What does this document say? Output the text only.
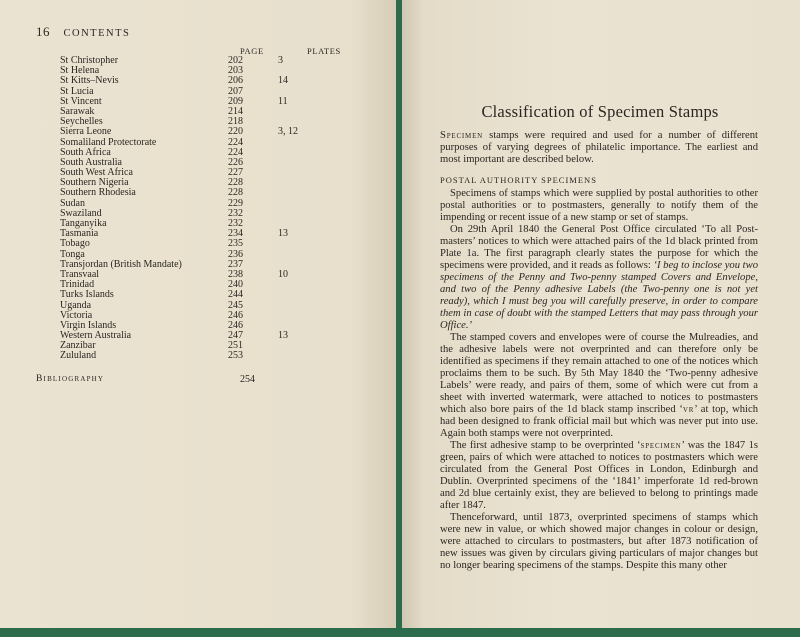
16 CONTENTS
PAGE	PLATES
St Christopher	202	3
St Helena	203
St Kitts–Nevis	206	14
St Lucia	207
St Vincent	209	11
Sarawak	214
Seychelles	218
Sierra Leone	220	3, 12
Somaliland Protectorate	224
South Africa	224
South Australia	226
South West Africa	227
Southern Nigeria	228
Southern Rhodesia	228
Sudan	229
Swaziland	232
Tanganyika	232
Tasmania	234	13
Tobago	235
Tonga	236
Transjordan (British Mandate)	237
Transvaal	238	10
Trinidad	240
Turks Islands	244
Uganda	245
Victoria	246
Virgin Islands	246
Western Australia	247	13
Zanzibar	251
Zululand	253
Bibliography	254
Classification of Specimen Stamps

Specimen stamps were required and used for a number of different purposes of varying degrees of philatelic importance. The earliest and most important are described below.

POSTAL AUTHORITY SPECIMENS

Specimens of stamps which were supplied by postal authorities to other postal authorities or to postmasters, generally to notify them of the impending or recent issue of a new stamp or set of stamps.

On 29th April 1840 the General Post Office circulated ‘To all Post-masters’ notices to which were attached pairs of the 1d black printed from Plate 1a. The first paragraph clearly states the purpose for which the specimens were provided, and it reads as follows: ‘I beg to inclose you two specimens of the Penny and Two-penny stamped Covers and Envelope, and two of the Penny adhesive Labels (the Two-penny one is not yet ready), which I must beg you will carefully preserve, in order to compare them in case of doubt with the stamped Letters that may pass through your Office.’

The stamped covers and envelopes were of course the Mulreadies, and the adhesive labels were not overprinted and can therefore only be identified as specimens if they remain attached to one of the notices which proclaims them to be such. By 5th May 1840 the ‘Two-penny adhesive Labels’ were ready, and pairs of them, some of which were cut from a sheet with inverted watermark, were attached to notices to postmasters which also bore pairs of the 1d black stamp inscribed ‘vr’ at top, which had been designed to frank official mail but which was never put into use. Again both stamps were not overprinted.

The first adhesive stamp to be overprinted ‘specimen’ was the 1847 1s green, pairs of which were attached to notices to postmasters which were circulated from the General Post Offices in London, Edinburgh and Dublin. Overprinted specimens of the ‘1841’ imperforate 1d red-brown and 2d blue certainly exist, they are believed to belong to printings made after 1847.

Thenceforward, until 1873, overprinted specimens of stamps which were new in value, or which showed major changes in colour or design, were attached to circulars to postmasters, but after 1873 notification of new issues was given by circulars giving particulars of major changes but no longer bearing specimens of the stamps. Despite this many other
